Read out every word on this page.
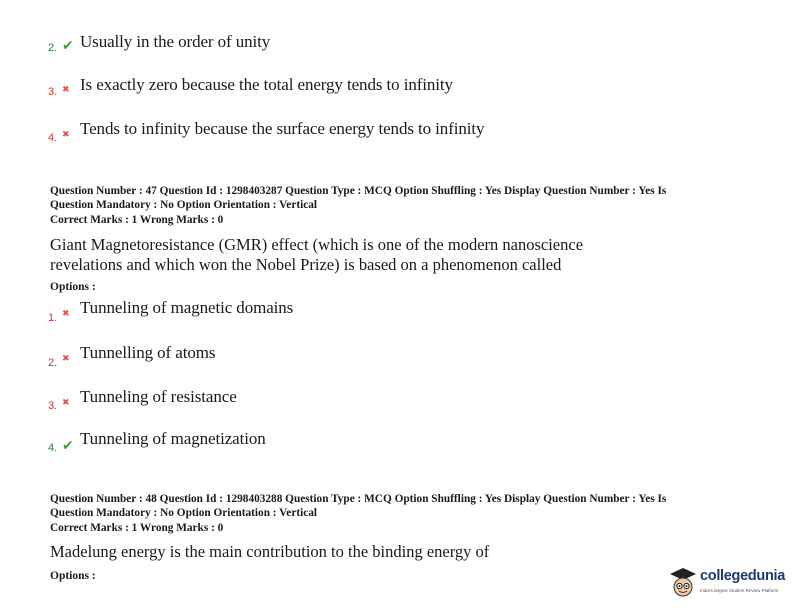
2. ✔ Usually in the order of unity
3. ✖ Is exactly zero because the total energy tends to infinity
4. ✖ Tends to infinity because the surface energy tends to infinity
Question Number : 47 Question Id : 1298403287 Question Type : MCQ Option Shuffling : Yes Display Question Number : Yes Is
Question Mandatory : No Option Orientation : Vertical
Correct Marks : 1 Wrong Marks : 0
Giant Magnetoresistance (GMR) effect (which is one of the modern nanoscience
revelations and which won the Nobel Prize) is based on a phenomenon called
Options :
1. ✖ Tunneling of magnetic domains
2. ✖ Tunnelling of atoms
3. ✖ Tunneling of resistance
4. ✔ Tunneling of magnetization
Question Number : 48 Question Id : 1298403288 Question Type : MCQ Option Shuffling : Yes Display Question Number : Yes Is
Question Mandatory : No Option Orientation : Vertical
Correct Marks : 1 Wrong Marks : 0
Madelung energy is the main contribution to the binding energy of
Options :	collegedunia
India's largest Student Review Platform
